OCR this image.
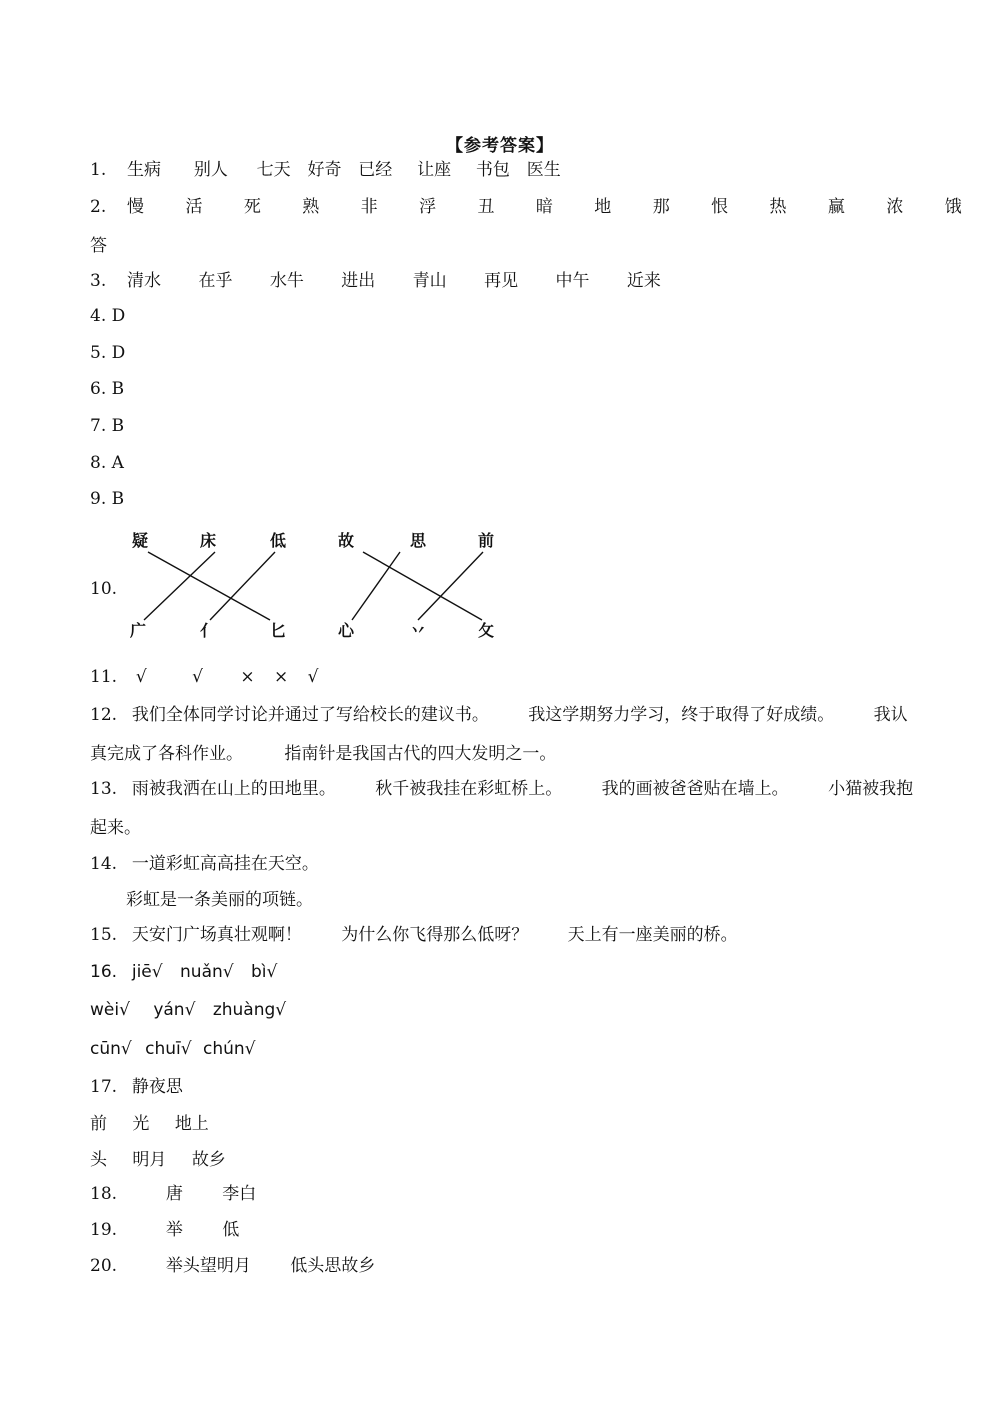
【参考答案】
1. 生病 别人 七天 好奇 已经 让座 书包 医生
2. 慢 活 死 熟 非 浮 丑 暗 地 那 恨 热 赢 浓 饿
答
3. 清水 在乎 水牛 进出 青山 再见 中午 近来
4. D
5. D
6. B
7. B
8. A
9. B
10.
疑	床	低	故	思	前
广	亻	匕	心	丷	攵
11. √	√ × × √
12. 我们全体同学讨论并通过了写给校长的建议书。 我这学期努力学习，终于取得了好成绩。 我认
真完成了各科作业。 指南针是我国古代的四大发明之一。
13. 雨被我洒在山上的田地里。 秋千被我挂在彩虹桥上。 我的画被爸爸贴在墙上。 小猫被我抱
起来。
14. 一道彩虹高高挂在天空。
彩虹是一条美丽的项链。
15. 天安门广场真壮观啊！ 为什么你飞得那么低呀？ 天上有一座美丽的桥。
16. jiē√ nuǎn√ bì√
wèi√ yán√ zhuàng√
cūn√ chuī√ chún√
17. 静夜思
前 光 地上
头 明月 故乡
18.	唐 李白
19.	举 低
20.	举头望明月 低头思故乡
